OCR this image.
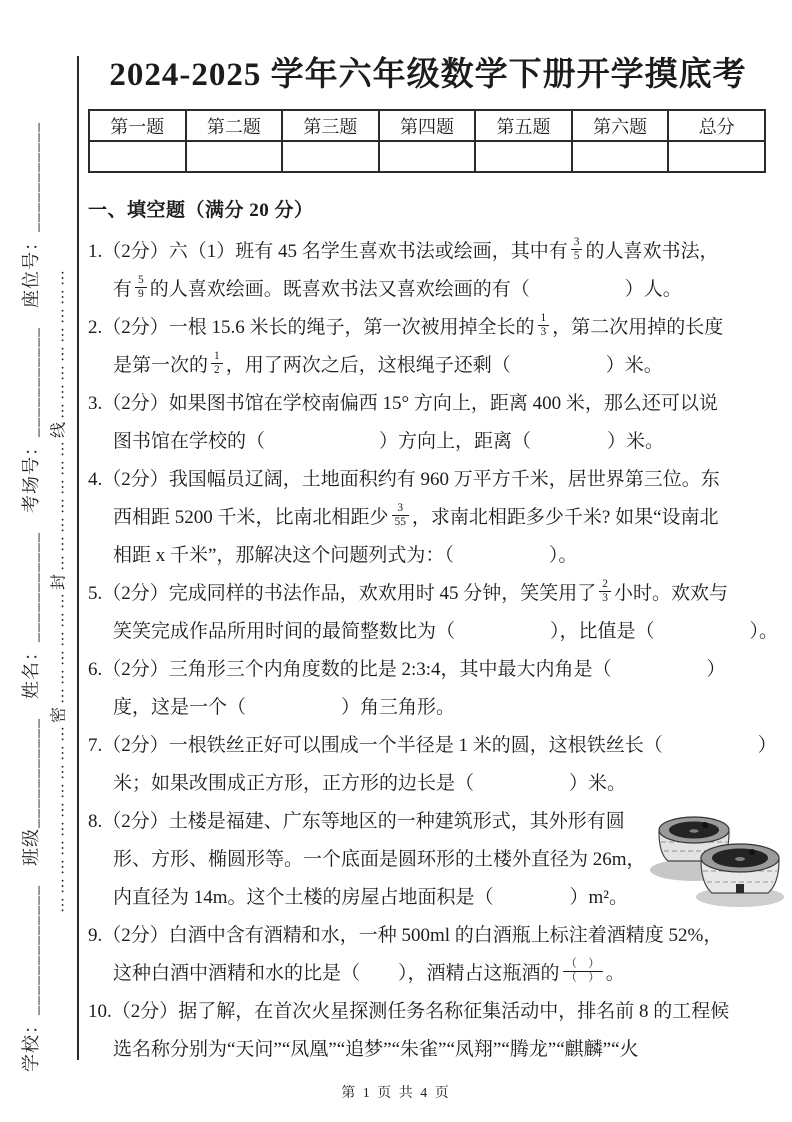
学校：_____________　班级___________　姓名：___________　考场号：___________　座位号：___________ …………………………密………………封…………………线……………………
2024-2025 学年六年级数学下册开学摸底考
第一题	第二题	第三题	第四题	第五题	第六题	总分

一、填空题（满分 20 分）
1.（2分）六（1）班有 45 名学生喜欢书法或绘画，其中有 $\frac{3}{5}$ 的人喜欢书法，
有 $\frac{5}{9}$ 的人喜欢绘画。既喜欢书法又喜欢绘画的有（　　　　　）人。
2.（2分）一根 15.6 米长的绳子，第一次被用掉全长的 $\frac{1}{3}$ ，第二次用掉的长度
是第一次的 $\frac{1}{2}$ ，用了两次之后，这根绳子还剩（　　　　　）米。
3.（2分）如果图书馆在学校南偏西 15° 方向上，距离 400 米，那么还可以说
图书馆在学校的（　　　　　　）方向上，距离（　　　　）米。
4.（2分）我国幅员辽阔，土地面积约有 960 万平方千米，居世界第三位。东
西相距 5200 千米，比南北相距少 $\frac{3}{55}$ ，求南北相距多少千米? 如果“设南北
相距 x 千米”，那解决这个问题列式为：（　　　　　）。
5.（2分）完成同样的书法作品，欢欢用时 45 分钟，笑笑用了 $\frac{2}{3}$ 小时。欢欢与
笑笑完成作品所用时间的最简整数比为（　　　　　），比值是（　　　　　）。
6.（2分）三角形三个内角度数的比是 2:3:4，其中最大内角是（　　　　　）
度，这是一个（　　　　　）角三角形。
7.（2分）一根铁丝正好可以围成一个半径是 1 米的圆，这根铁丝长（　　　　　）
米；如果改围成正方形，正方形的边长是（　　　　　）米。
8.（2分）土楼是福建、广东等地区的一种建筑形式，其外形有圆
形、方形、椭圆形等。一个底面是圆环形的土楼外直径为 26m，
内直径为 14m。这个土楼的房屋占地面积是（　　　　）m²。
9.（2分）白酒中含有酒精和水，一种 500ml 的白酒瓶上标注着酒精度 52%，
这种白酒中酒精和水的比是（　　），酒精占这瓶酒的 $\frac{( )}{( )}$ 。
10.（2分）据了解，在首次火星探测任务名称征集活动中，排名前 8 的工程候
选名称分别为“天问”“凤凰”“追梦”“朱雀”“凤翔”“腾龙”“麒麟”“火
第 1 页 共 4 页
